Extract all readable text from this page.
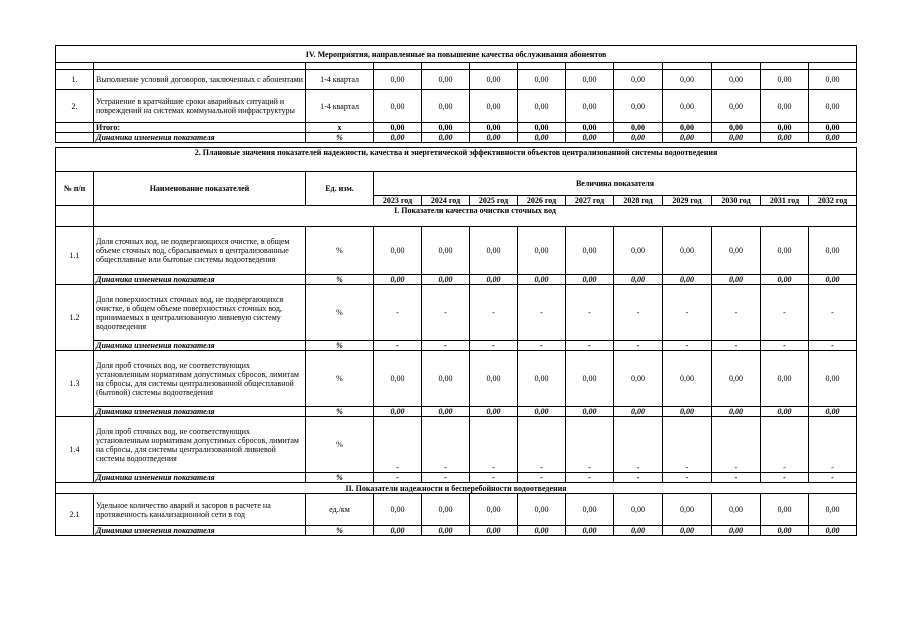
IV. Мероприятия, направленные на повышение качества обслуживания абонентов												

1.	Выполнение условий договоров, заключенных с абонентами	1-4 квартал	0,00	0,00	0,00	0,00	0,00	0,00	0,00	0,00	0,00	0,00
2.	Устранение в кратчайшие сроки аварийных ситуаций и повреждений на системах коммунальной инфраструктуры	1-4 квартал	0,00	0,00	0,00	0,00	0,00	0,00	0,00	0,00	0,00	0,00
	Итого:	х	0,00	0,00	0,00	0,00	0,00	0,00	0,00	0,00	0,00	0,00
	Динамика изменения показателя	%	0,00	0,00	0,00	0,00	0,00	0,00	0,00	0,00	0,00	0,00
2. Плановые значения показателей надежности, качества и энергетической эффективности объектов централизованной системы водоотведения												
№ п/п	Наименование показателей	Ед. изм.	Величина показателя									
			2023 год	2024 год	2025 год	2026 год	2027 год	2028 год	2029 год	2030 год	2031 год	2032 год
	I. Показатели качества очистки сточных вод											
1.1	Доля сточных вод, не подвергающихся очистке, в общем объеме сточных вод, сбрасываемых в централизованные общесплавные или бытовые системы водоотведения	%	0,00	0,00	0,00	0,00	0,00	0,00	0,00	0,00	0,00	0,00
	Динамика изменения показателя	%	0,00	0,00	0,00	0,00	0,00	0,00	0,00	0,00	0,00	0,00
1.2	Доля поверхностных сточных вод, не подвергающихся очистке, в общем объеме поверхностных сточных вод, принимаемых в централизованную ливневую систему водоотведения	%	-	-	-	-	-	-	-	-	-	-
	Динамика изменения показателя	%	-	-	-	-	-	-	-	-	-	-
1.3	Доля проб сточных вод, не соответствующих установленным нормативам допустимых сбросов, лимитам на сбросы, для системы централизованной общесплавной (бытовой) системы водоотведения	%	0,00	0,00	0,00	0,00	0,00	0,00	0,00	0,00	0,00	0,00
	Динамика изменения показателя	%	0,00	0,00	0,00	0,00	0,00	0,00	0,00	0,00	0,00	0,00
1.4	Доля проб сточных вод, не соответствующих установленным нормативам допустимых сбросов, лимитам на сбросы, для системы централизованной ливневой системы водоотведения	%	-	-	-	-	-	-	-	-	-	-
	Динамика изменения показателя	%	-	-	-	-	-	-	-	-	-	-
II. Показатели надежности и бесперебойности водоотведения												
2.1	Удельное количество аварий и засоров в расчете на протяженность канализационной сети в год	ед./км	0,00	0,00	0,00	0,00	0,00	0,00	0,00	0,00	0,00	0,00
	Динамика изменения показателя	%	0,00	0,00	0,00	0,00	0,00	0,00	0,00	0,00	0,00	0,00
